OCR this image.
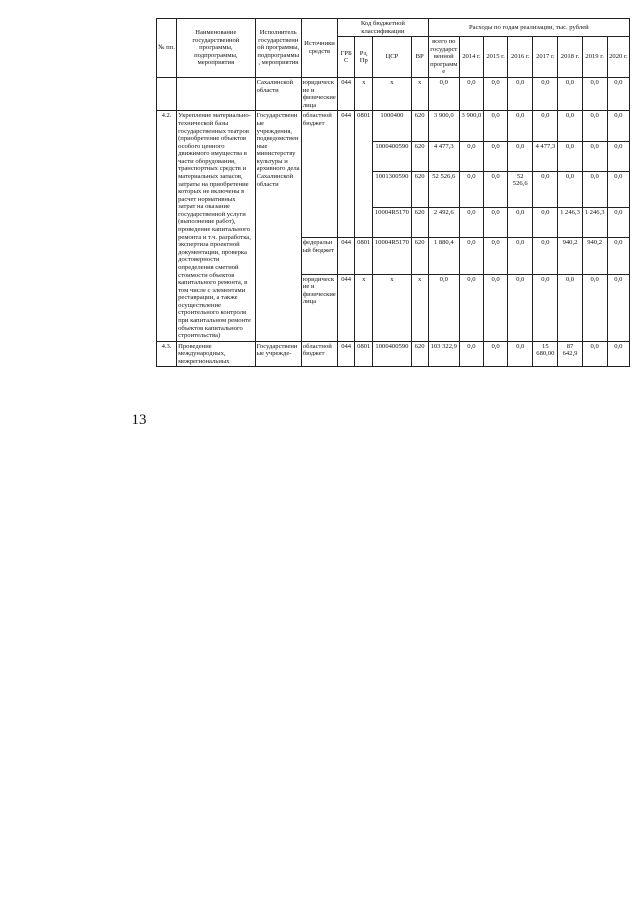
13
№ пп.	Наименование государственной программы, подпрограммы, мероприятия	Исполнитель государственной программы, подпрограммы, мероприятия	Источники средств	Код бюджетной классификации				Расходы по годам реализации, тыс. рублей							
				ГРБС	Рз, Пр	ЦСР	ВР	всего по государственной программе	2014 г.	2015 г.	2016 г.	2017 г.	2018 г.	2019 г.	2020 г.
		Сахалинской области	юридические и физические лица	044	х	х	х	0,0	0,0	0,0	0,0	0,0	0,0	0,0	0,0
4.2.	Укрепление материально-технической базы государственных театров (приобретение объектов особого ценного движимого имущества в части оборудования, транспортных средств и материальных запасов, затраты на приобретение которых не включены в расчет нормативных затрат на оказание государственной услуги (выполнение работ), проведение капитального ремонта и т.ч. разработка, экспертиза проектной документации, проверка достоверности определения сметной стоимости объектов капитального ремонта, в том числе с элементами реставрации, а также осуществление строительного контроля при капитальном ремонте объектов капитального строительства)	Государственные учреждения, подведомственные министерству культуры и архивного дела Сахалинской области	областной бюджет	044	0801	1000400	620	3 900,0	3 900,0	0,0	0,0	0,0	0,0	0,0	0,0
						1000400590	620	4 477,3	0,0	0,0	0,0	4 477,3	0,0	0,0	0,0
						1001300590	620	52 526,6	0,0	0,0	52 526,6	0,0	0,0	0,0	0,0
						10004R5170	620	2 492,6	0,0	0,0	0,0	0,0	1 246,3	1 246,3	0,0
			федеральный бюджет	044	0801	10004R5170	620	1 880,4	0,0	0,0	0,0	0,0	940,2	940,2	0,0
			юридические и физические лица	044	х	х	х	0,0	0,0	0,0	0,0	0,0	0,0	0,0	0,0
4.3.	Проведение международных, межрегиональных	Государственные учрежде-	областной бюджет	044	0801	1000400590	620	103 322,9	0,0	0,0	0,0	15 680,00	87 642,9	0,0	0,0
